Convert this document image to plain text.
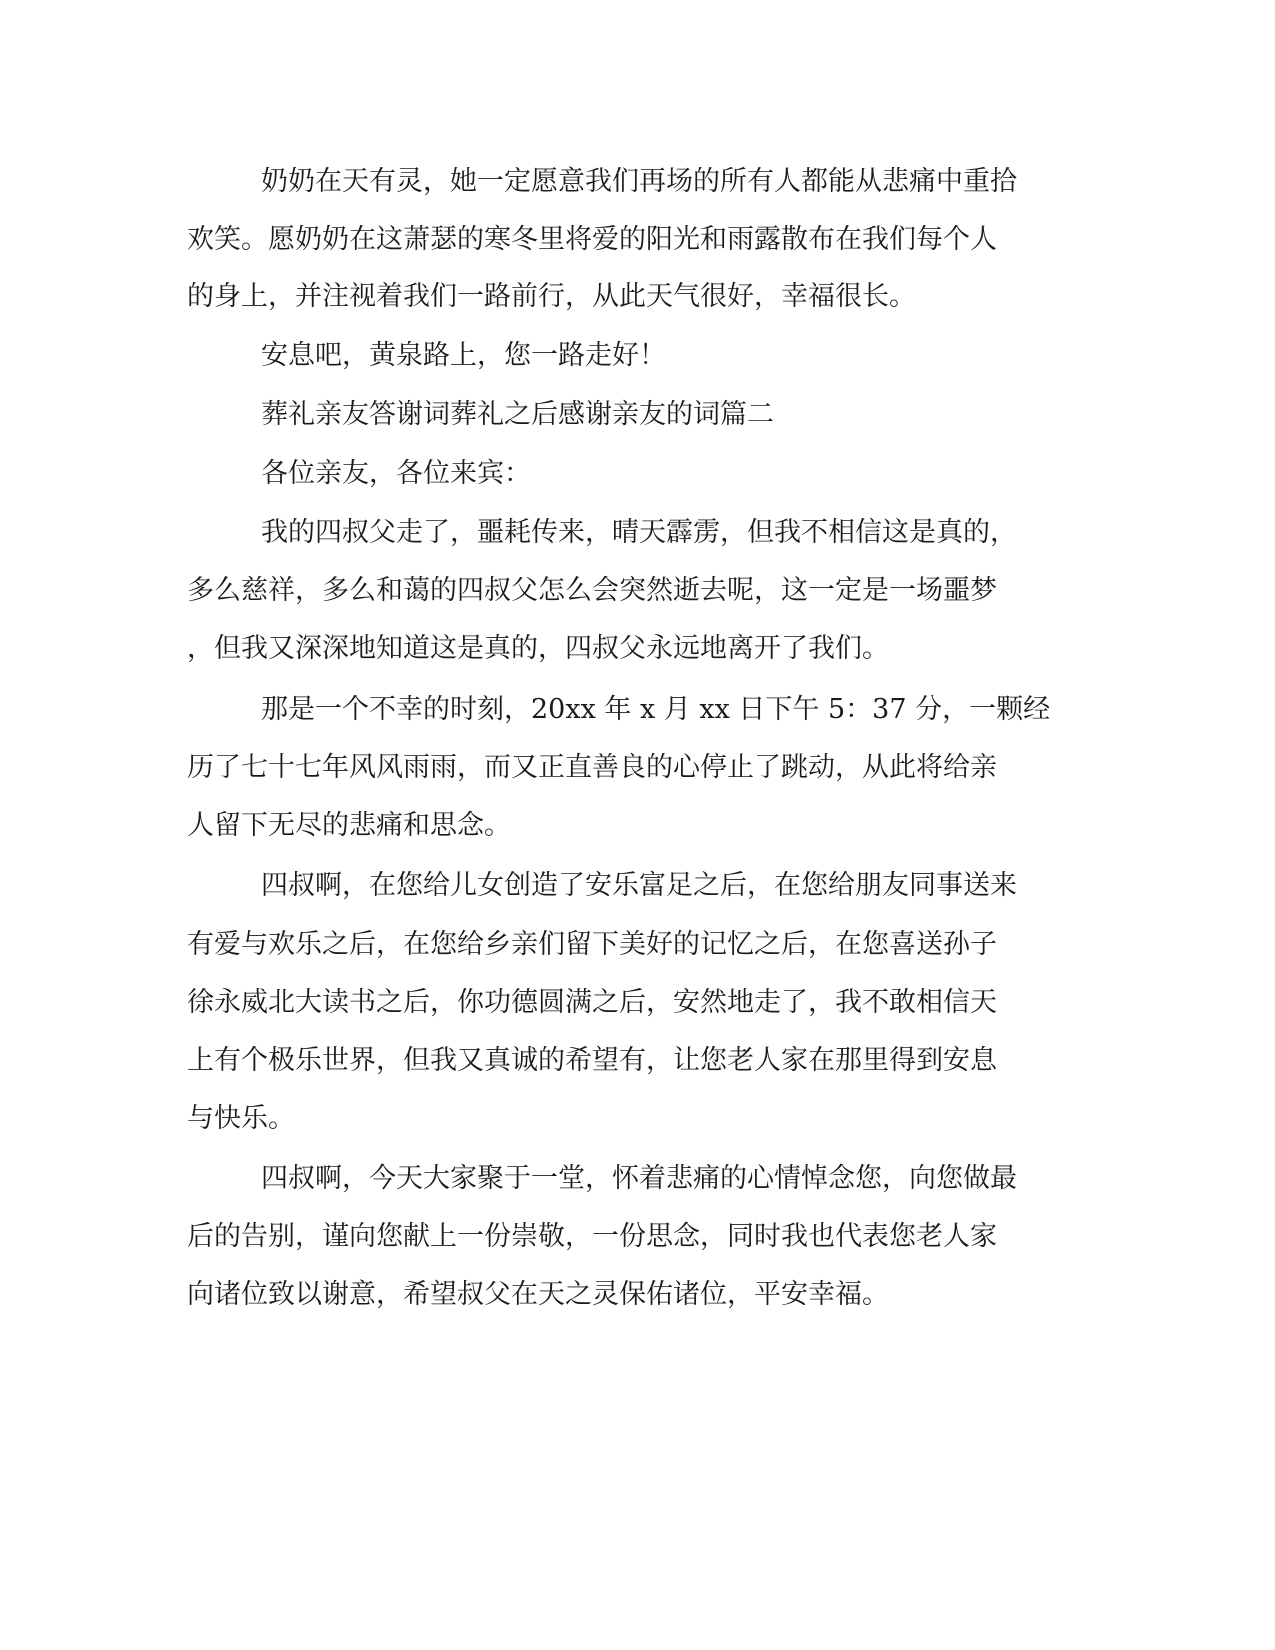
奶奶在天有灵，她一定愿意我们再场的所有人都能从悲痛中重拾

欢笑。愿奶奶在这萧瑟的寒冬里将爱的阳光和雨露散布在我们每个人

的身上，并注视着我们一路前行，从此天气很好，幸福很长。

安息吧，黄泉路上，您一路走好！

葬礼亲友答谢词葬礼之后感谢亲友的词篇二

各位亲友，各位来宾：

我的四叔父走了，噩耗传来，晴天霹雳，但我不相信这是真的，

多么慈祥，多么和蔼的四叔父怎么会突然逝去呢，这一定是一场噩梦

，但我又深深地知道这是真的，四叔父永远地离开了我们。

那是一个不幸的时刻，20xx 年 x 月 xx 日下午 5：37 分，一颗经

历了七十七年风风雨雨，而又正直善良的心停止了跳动，从此将给亲

人留下无尽的悲痛和思念。

四叔啊，在您给儿女创造了安乐富足之后，在您给朋友同事送来

有爱与欢乐之后，在您给乡亲们留下美好的记忆之后，在您喜送孙子

徐永威北大读书之后，你功德圆满之后，安然地走了，我不敢相信天

上有个极乐世界，但我又真诚的希望有，让您老人家在那里得到安息

与快乐。

四叔啊，今天大家聚于一堂，怀着悲痛的心情悼念您，向您做最

后的告别，谨向您献上一份崇敬，一份思念，同时我也代表您老人家

向诸位致以谢意，希望叔父在天之灵保佑诸位，平安幸福。
